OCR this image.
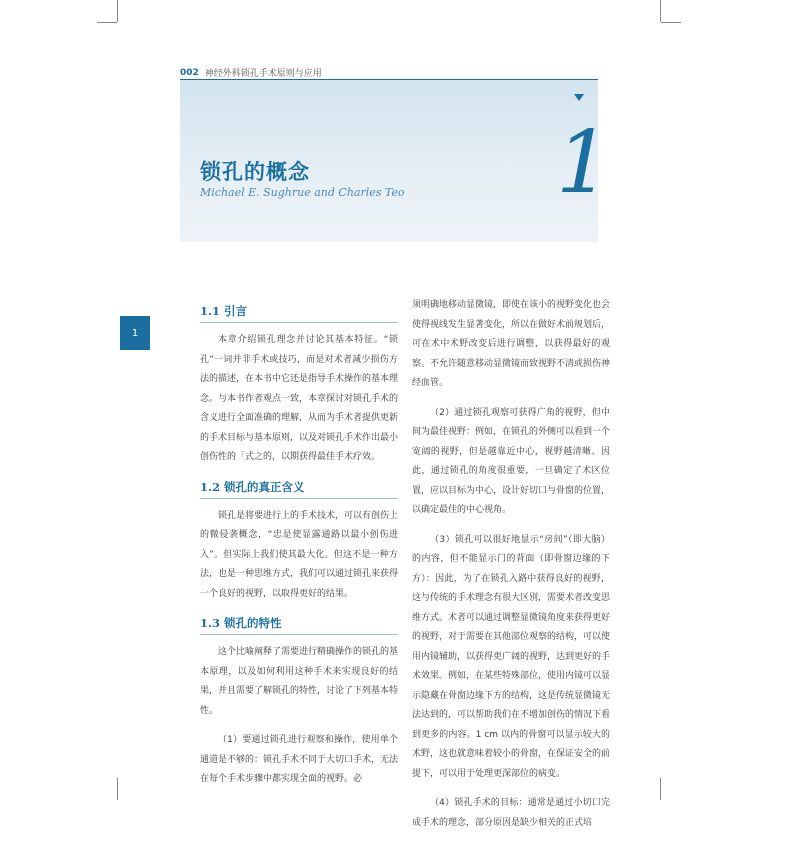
002 神经外科锁孔手术原则与应用
锁孔的概念
Michael E. Sughrue and Charles Teo 1
1
1.1 引言

本章介绍锁孔理念并讨论其基本特征。“锁孔”一词并非手术或技巧，而是对术者减少损伤方法的描述，在本书中它还是指导手术操作的基本理念。与本书作者观点一致，本章探讨对锁孔手术的含义进行全面准确的理解，从而为手术者提供更新的手术目标与基本原则，以及对锁孔手术作出最小创伤性的「式之的，以期获得最佳手术疗效。

1.2 锁孔的真正含义

锁孔是将要进行上的手术技术，可以有创伤上的微侵袭概念，“忠是使显露通路以最小创伤进入”。但实际上我们使其最大化。但这不是一种方法，也是一种思维方式，我们可以通过锁孔来获得一个良好的视野，以取得更好的结果。

1.3 锁孔的特性

这个比喻阐释了需要进行精确操作的锁孔的基本原理，以及如何利用这种手术来实现良好的结果，并且需要了解锁孔的特性，讨论了下列基本特性。

（1）要通过锁孔进行观察和操作，使用单个通道是不够的：锁孔手术不同于大切口手术，无法在每个手术步骤中都实现全面的视野。必

须明确地移动显微镜，即使在该小的视野变化也会使得视线发生显著变化，所以在做好术前规划后，可在术中术野改变后进行调整，以获得最好的观察。不允许随意移动显微镜而致视野不清或损伤神经血管。

（2）通过锁孔观察可获得广角的视野，但中间为最佳视野：例如，在锁孔的外侧可以看到一个宽阔的视野，但是越靠近中心，视野越清晰。因此，通过锁孔的角度很重要，一旦确定了术区位置，应以目标为中心，设计好切口与骨窗的位置，以确定最佳的中心视角。

（3）锁孔可以很好地显示“房间”（即大脑）的内容，但不能显示门的背面（即骨窗边缘的下方）：因此，为了在锁孔入路中获得良好的视野，这与传统的手术理念有很大区别，需要术者改变思维方式。术者可以通过调整显微镜角度来获得更好的视野，对于需要在其他部位观察的结构，可以使用内镜辅助，以获得更广阔的视野，达到更好的手术效果。例如，在某些特殊部位，使用内镜可以显示隐藏在骨窗边缘下方的结构，这是传统显微镜无法达到的，可以帮助我们在不增加创伤的情况下看到更多的内容。1 cm 以内的骨窗可以显示较大的术野，这也就意味着较小的骨窗，在保证安全的前提下，可以用于处理更深部位的病变。

（4）锁孔手术的目标：通常是通过小切口完成手术的理念，部分原因是缺少相关的正式培
